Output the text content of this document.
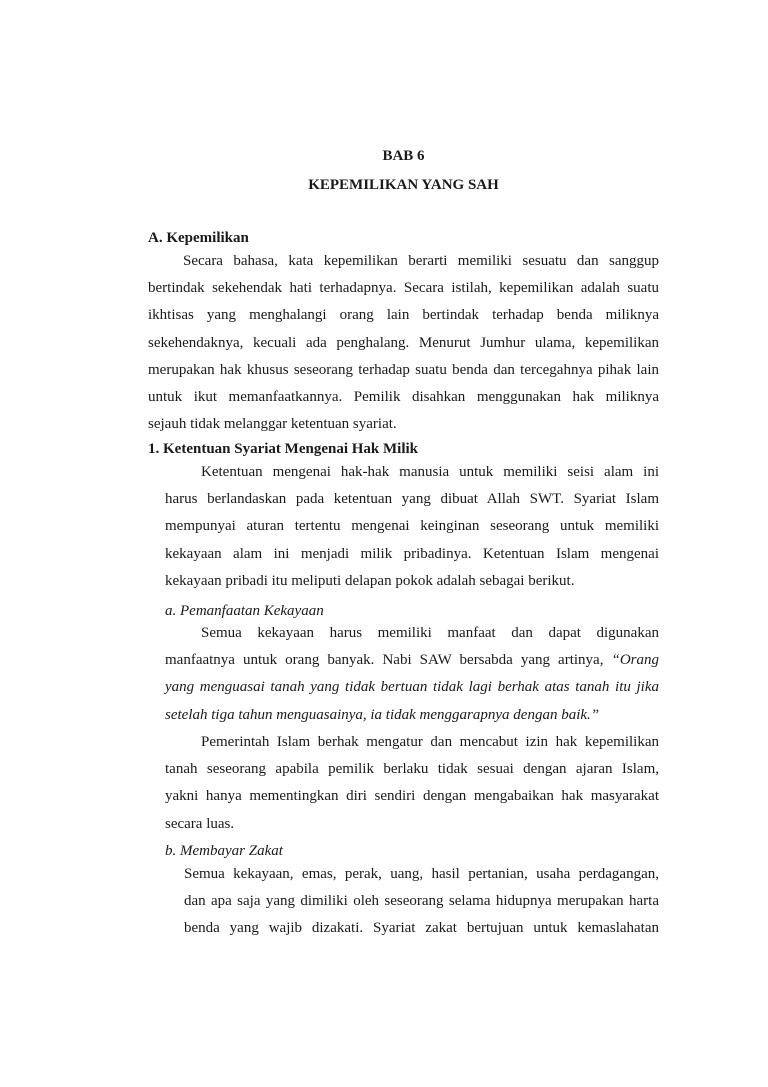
BAB 6
KEPEMILIKAN YANG SAH
A. Kepemilikan
Secara bahasa, kata kepemilikan berarti memiliki sesuatu dan sanggup
bertindak sekehendak hati terhadapnya. Secara istilah, kepemilikan adalah suatu
ikhtisas yang menghalangi orang lain bertindak terhadap benda miliknya
sekehendaknya, kecuali ada penghalang. Menurut Jumhur ulama, kepemilikan
merupakan hak khusus seseorang terhadap suatu benda dan tercegahnya pihak lain
untuk ikut memanfaatkannya. Pemilik disahkan menggunakan hak miliknya
sejauh tidak melanggar ketentuan syariat.
1. Ketentuan Syariat Mengenai Hak Milik
Ketentuan mengenai hak-hak manusia untuk memiliki seisi alam ini
harus berlandaskan pada ketentuan yang dibuat Allah SWT. Syariat Islam
mempunyai aturan tertentu mengenai keinginan seseorang untuk memiliki
kekayaan alam ini menjadi milik pribadinya. Ketentuan Islam mengenai
kekayaan pribadi itu meliputi delapan pokok adalah sebagai berikut.
a. Pemanfaatan Kekayaan
Semua kekayaan harus memiliki manfaat dan dapat digunakan
manfaatnya untuk orang banyak. Nabi SAW bersabda yang artinya, “Orang
yang menguasai tanah yang tidak bertuan tidak lagi berhak atas tanah itu jika
setelah tiga tahun menguasainya, ia tidak menggarapnya dengan baik.”
Pemerintah Islam berhak mengatur dan mencabut izin hak kepemilikan
tanah seseorang apabila pemilik berlaku tidak sesuai dengan ajaran Islam,
yakni hanya mementingkan diri sendiri dengan mengabaikan hak masyarakat
secara luas.
b. Membayar Zakat
Semua kekayaan, emas, perak, uang, hasil pertanian, usaha perdagangan,
dan apa saja yang dimiliki oleh seseorang selama hidupnya merupakan harta
benda yang wajib dizakati. Syariat zakat bertujuan untuk kemaslahatan
